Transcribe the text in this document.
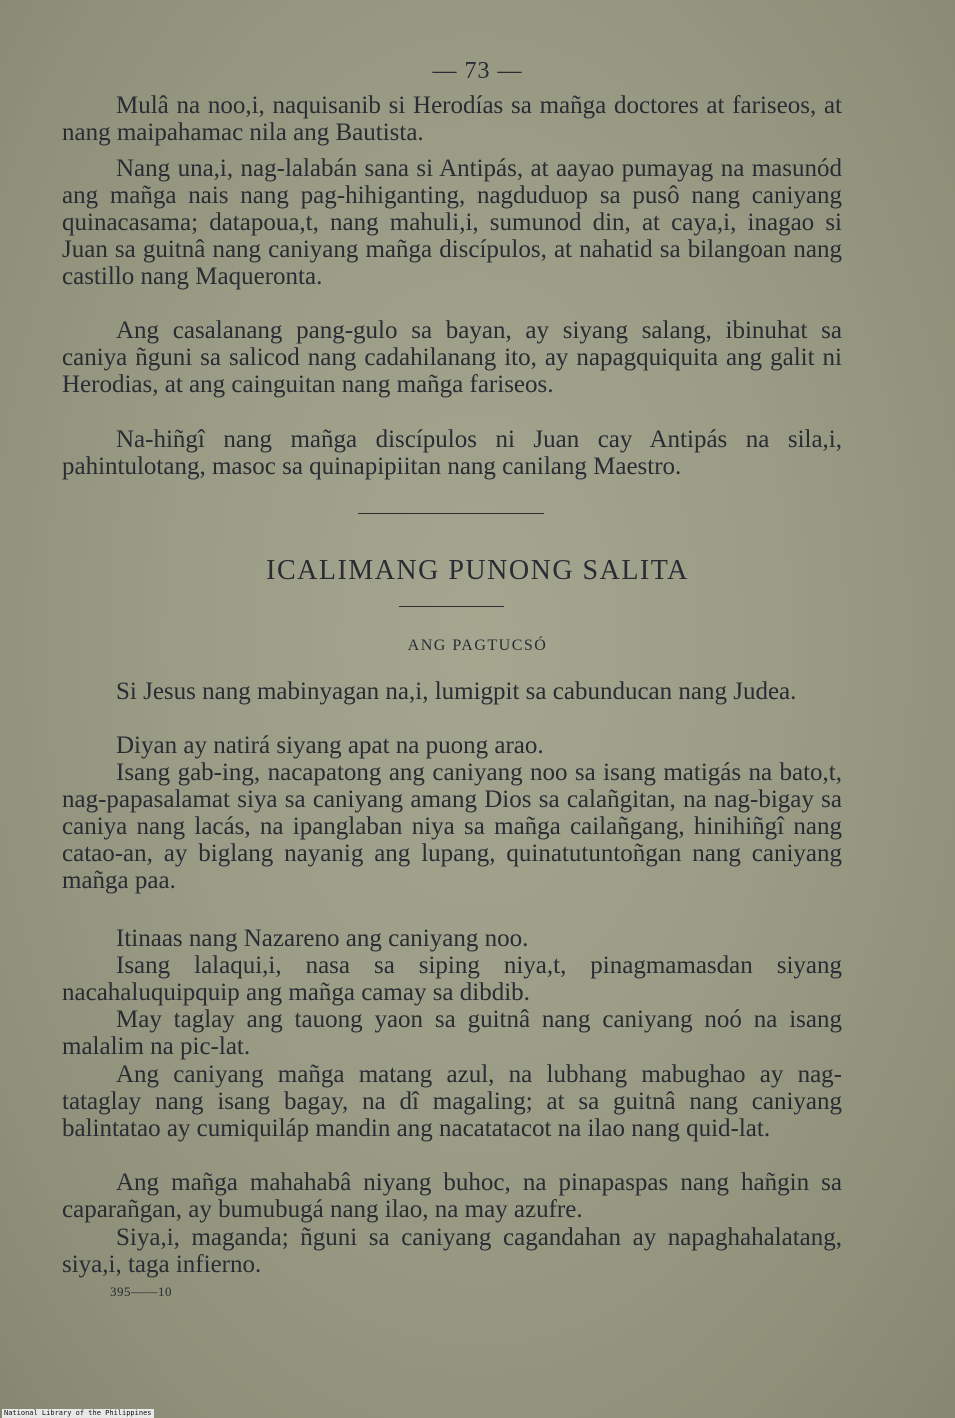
— 73 —

Mulâ na noo,i, naquisanib si Herodías sa mañga doctores at fariseos, at nang maipahamac nila ang Bautista.

Nang una,i, nag-lalabán sana si Antipás, at aayao pumayag na masunód ang mañga nais nang pag-hihiganting, nagduduop sa pusô nang caniyang quinacasama; datapoua,t, nang mahuli,i, sumunod din, at caya,i, inagao si Juan sa guitnâ nang caniyang mañga discípulos, at nahatid sa bilangoan nang castillo nang Maqueronta.

Ang casalanang pang-gulo sa bayan, ay siyang salang, ibinuhat sa caniya ñguni sa salicod nang cadahilanang ito, ay napagquiquita ang galit ni Herodias, at ang cainguitan nang mañga fariseos.

Na-hiñgî nang mañga discípulos ni Juan cay Antipás na sila,i, pahintulotang, masoc sa quinapipiitan nang canilang Maestro.

ICALIMANG PUNONG SALITA
ANG PAGTUCSÓ

Si Jesus nang mabinyagan na,i, lumigpit sa cabunducan nang Judea.

Diyan ay natirá siyang apat na puong arao.

Isang gab-ing, nacapatong ang caniyang noo sa isang matigás na bato,t, nag-papasalamat siya sa caniyang amang Dios sa calañgitan, na nag-bigay sa caniya nang lacás, na ipanglaban niya sa mañga cailañgang, hinihiñgî nang catao-an, ay biglang nayanig ang lupang, quinatutuntoñgan nang caniyang mañga paa.

Itinaas nang Nazareno ang caniyang noo.

Isang lalaqui,i, nasa sa siping niya,t, pinagmamasdan siyang nacahaluquipquip ang mañga camay sa dibdib.

May taglay ang tauong yaon sa guitnâ nang caniyang noó na isang malalim na pic-lat.

Ang caniyang mañga matang azul, na lubhang mabughao ay nag-tataglay nang isang bagay, na dî magaling; at sa guitnâ nang caniyang balintatao ay cumiquiláp mandin ang nacatatacot na ilao nang quid-lat.

Ang mañga mahahabâ niyang buhoc, na pinapaspas nang hañgin sa caparañgan, ay bumubugá nang ilao, na may azufre.

Siya,i, maganda; ñguni sa caniyang cagandahan ay napaghahalatang, siya,i, taga infierno.

395——10
National Library of the Philippines
